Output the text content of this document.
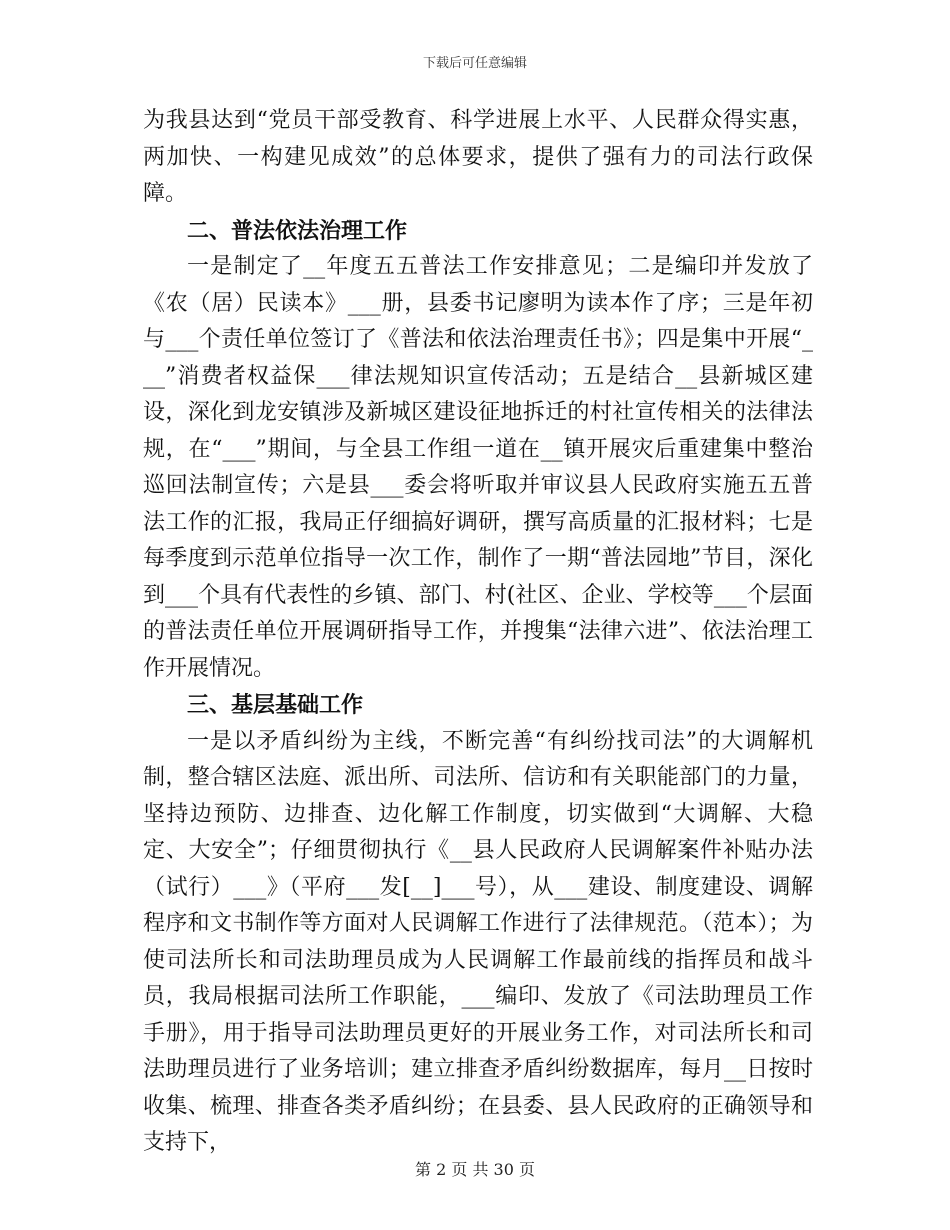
下载后可任意编辑

为我县达到“党员干部受教育、科学进展上水平、人民群众得实惠，两加快、一构建见成效”的总体要求，提供了强有力的司法行政保障。

二、普法依法治理工作

一是制定了__年度五五普法工作安排意见；二是编印并发放了《农（居）民读本》___册，县委书记廖明为读本作了序；三是年初与___个责任单位签订了《普法和依法治理责任书》；四是集中开展“___”消费者权益保___律法规知识宣传活动；五是结合__县新城区建设，深化到龙安镇涉及新城区建设征地拆迁的村社宣传相关的法律法规，在“___”期间，与全县工作组一道在__镇开展灾后重建集中整治巡回法制宣传；六是县___委会将听取并审议县人民政府实施五五普法工作的汇报，我局正仔细搞好调研，撰写高质量的汇报材料；七是每季度到示范单位指导一次工作，制作了一期“普法园地”节目，深化到___个具有代表性的乡镇、部门、村(社区、企业、学校等___个层面的普法责任单位开展调研指导工作，并搜集“法律六进”、依法治理工作开展情况。

三、基层基础工作

一是以矛盾纠纷为主线，不断完善“有纠纷找司法”的大调解机制，整合辖区法庭、派出所、司法所、信访和有关职能部门的力量，坚持边预防、边排查、边化解工作制度，切实做到“大调解、大稳定、大安全”；仔细贯彻执行《__县人民政府人民调解案件补贴办法（试行）___》（平府___发[__]___号），从___建设、制度建设、调解程序和文书制作等方面对人民调解工作进行了法律规范。（范本）；为使司法所长和司法助理员成为人民调解工作最前线的指挥员和战斗员，我局根据司法所工作职能，___编印、发放了《司法助理员工作手册》，用于指导司法助理员更好的开展业务工作，对司法所长和司法助理员进行了业务培训；建立排查矛盾纠纷数据库，每月__日按时收集、梳理、排查各类矛盾纠纷；在县委、县人民政府的正确领导和支持下，

第 2 页 共 30 页
